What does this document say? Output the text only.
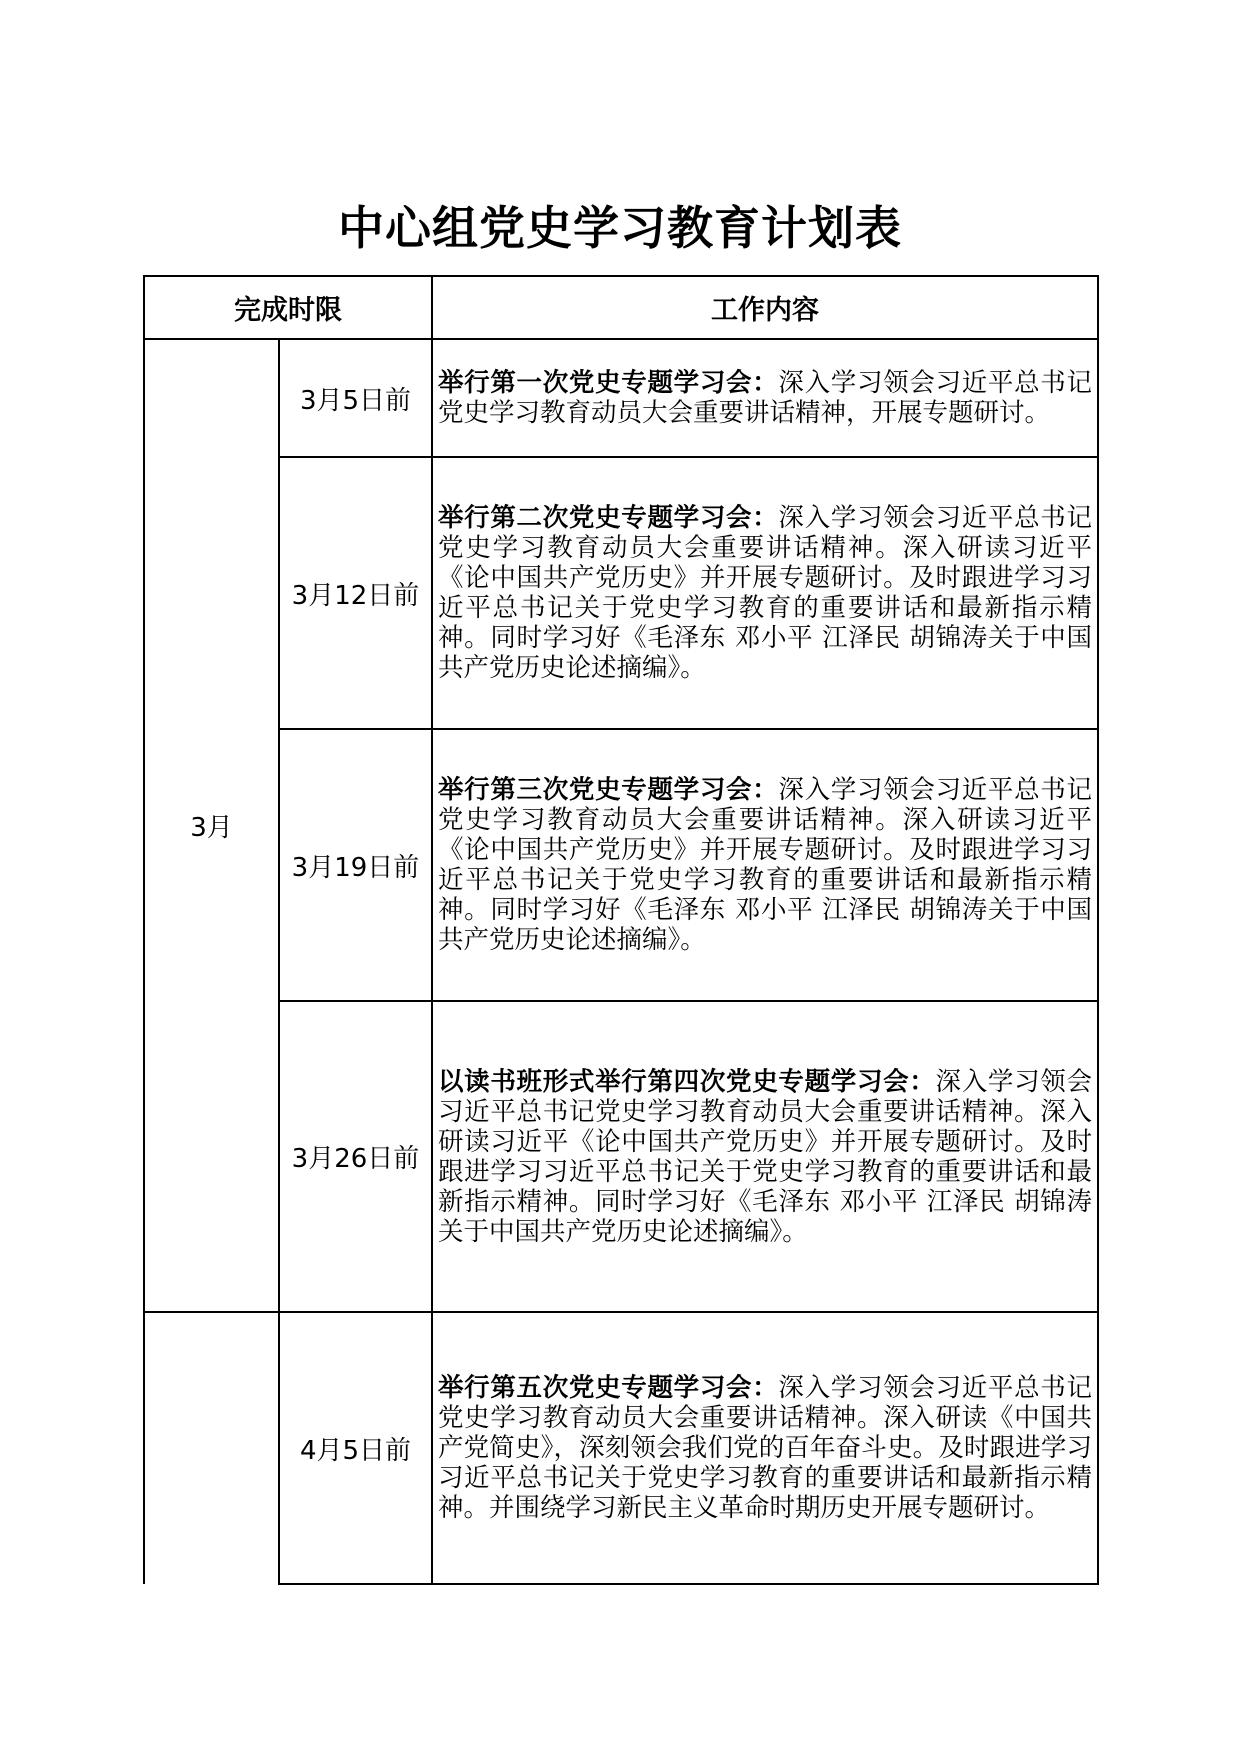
中心组党史学习教育计划表
完成时限		工作内容
3月	3月5日前	举行第一次党史专题学习会：深入学习领会习近平总书记党史学习教育动员大会重要讲话精神，开展专题研讨。

	3月12日前	举行第二次党史专题学习会：深入学习领会习近平总书记党史学习教育动员大会重要讲话精神。深入研读习近平《论中国共产党历史》并开展专题研讨。及时跟进学习习近平总书记关于党史学习教育的重要讲话和最新指示精神。同时学习好《毛泽东 邓小平 江泽民 胡锦涛关于中国共产党历史论述摘编》。

	3月19日前	举行第三次党史专题学习会：深入学习领会习近平总书记党史学习教育动员大会重要讲话精神。深入研读习近平《论中国共产党历史》并开展专题研讨。及时跟进学习习近平总书记关于党史学习教育的重要讲话和最新指示精神。同时学习好《毛泽东 邓小平 江泽民 胡锦涛关于中国共产党历史论述摘编》。

	3月26日前	以读书班形式举行第四次党史专题学习会：深入学习领会习近平总书记党史学习教育动员大会重要讲话精神。深入研读习近平《论中国共产党历史》并开展专题研讨。及时跟进学习习近平总书记关于党史学习教育的重要讲话和最新指示精神。同时学习好《毛泽东 邓小平 江泽民 胡锦涛关于中国共产党历史论述摘编》。

	4月5日前	举行第五次党史专题学习会：深入学习领会习近平总书记党史学习教育动员大会重要讲话精神。深入研读《中国共产党简史》，深刻领会我们党的百年奋斗史。及时跟进学习习近平总书记关于党史学习教育的重要讲话和最新指示精神。并围绕学习新民主义革命时期历史开展专题研讨。
